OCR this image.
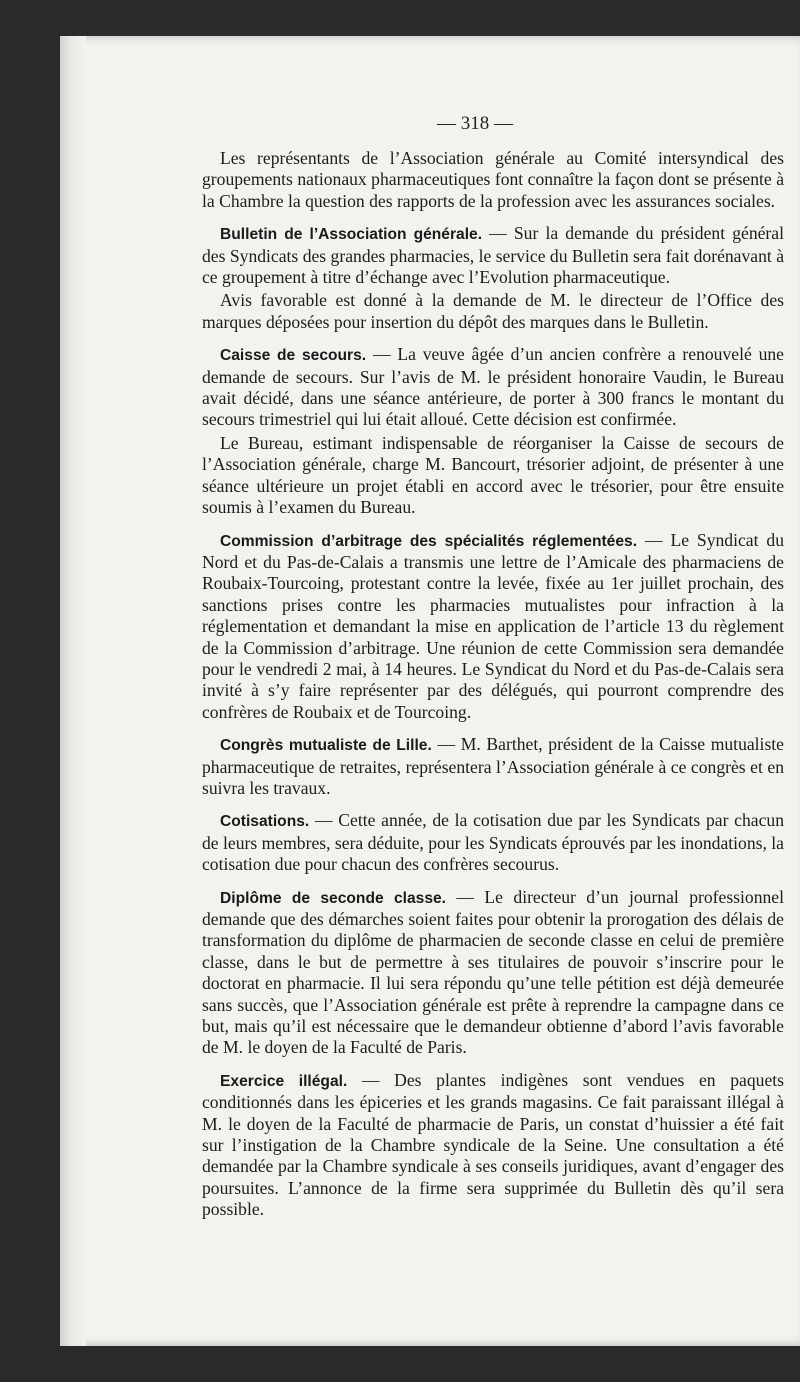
— 318 —

Les représentants de l’Association générale au Comité intersyndical des groupements nationaux pharmaceutiques font connaître la façon dont se présente à la Chambre la question des rapports de la profession avec les assurances sociales.

Bulletin de l’Association générale. — Sur la demande du président général des Syndicats des grandes pharmacies, le service du Bulletin sera fait dorénavant à ce groupement à titre d’échange avec l’Evolution pharmaceutique.

Avis favorable est donné à la demande de M. le directeur de l’Office des marques déposées pour insertion du dépôt des marques dans le Bulletin.

Caisse de secours. — La veuve âgée d’un ancien confrère a renouvelé une demande de secours. Sur l’avis de M. le président honoraire Vaudin, le Bureau avait décidé, dans une séance antérieure, de porter à 300 francs le montant du secours trimestriel qui lui était alloué. Cette décision est confirmée.

Le Bureau, estimant indispensable de réorganiser la Caisse de secours de l’Association générale, charge M. Bancourt, trésorier adjoint, de présenter à une séance ultérieure un projet établi en accord avec le trésorier, pour être ensuite soumis à l’examen du Bureau.

Commission d’arbitrage des spécialités réglementées. — Le Syndicat du Nord et du Pas-de-Calais a transmis une lettre de l’Amicale des pharmaciens de Roubaix-Tourcoing, protestant contre la levée, fixée au 1er juillet prochain, des sanctions prises contre les pharmacies mutualistes pour infraction à la réglementation et demandant la mise en application de l’article 13 du règlement de la Commission d’arbitrage. Une réunion de cette Commission sera demandée pour le vendredi 2 mai, à 14 heures. Le Syndicat du Nord et du Pas-de-Calais sera invité à s’y faire représenter par des délégués, qui pourront comprendre des confrères de Roubaix et de Tourcoing.

Congrès mutualiste de Lille. — M. Barthet, président de la Caisse mutualiste pharmaceutique de retraites, représentera l’Association générale à ce congrès et en suivra les travaux.

Cotisations. — Cette année, de la cotisation due par les Syndicats par chacun de leurs membres, sera déduite, pour les Syndicats éprouvés par les inondations, la cotisation due pour chacun des confrères secourus.

Diplôme de seconde classe. — Le directeur d’un journal professionnel demande que des démarches soient faites pour obtenir la prorogation des délais de transformation du diplôme de pharmacien de seconde classe en celui de première classe, dans le but de permettre à ses titulaires de pouvoir s’inscrire pour le doctorat en pharmacie. Il lui sera répondu qu’une telle pétition est déjà demeurée sans succès, que l’Association générale est prête à reprendre la campagne dans ce but, mais qu’il est nécessaire que le demandeur obtienne d’abord l’avis favorable de M. le doyen de la Faculté de Paris.

Exercice illégal. — Des plantes indigènes sont vendues en paquets conditionnés dans les épiceries et les grands magasins. Ce fait paraissant illégal à M. le doyen de la Faculté de pharmacie de Paris, un constat d’huissier a été fait sur l’instigation de la Chambre syndicale de la Seine. Une consultation a été demandée par la Chambre syndicale à ses conseils juridiques, avant d’engager des poursuites. L’annonce de la firme sera supprimée du Bulletin dès qu’il sera possible.
